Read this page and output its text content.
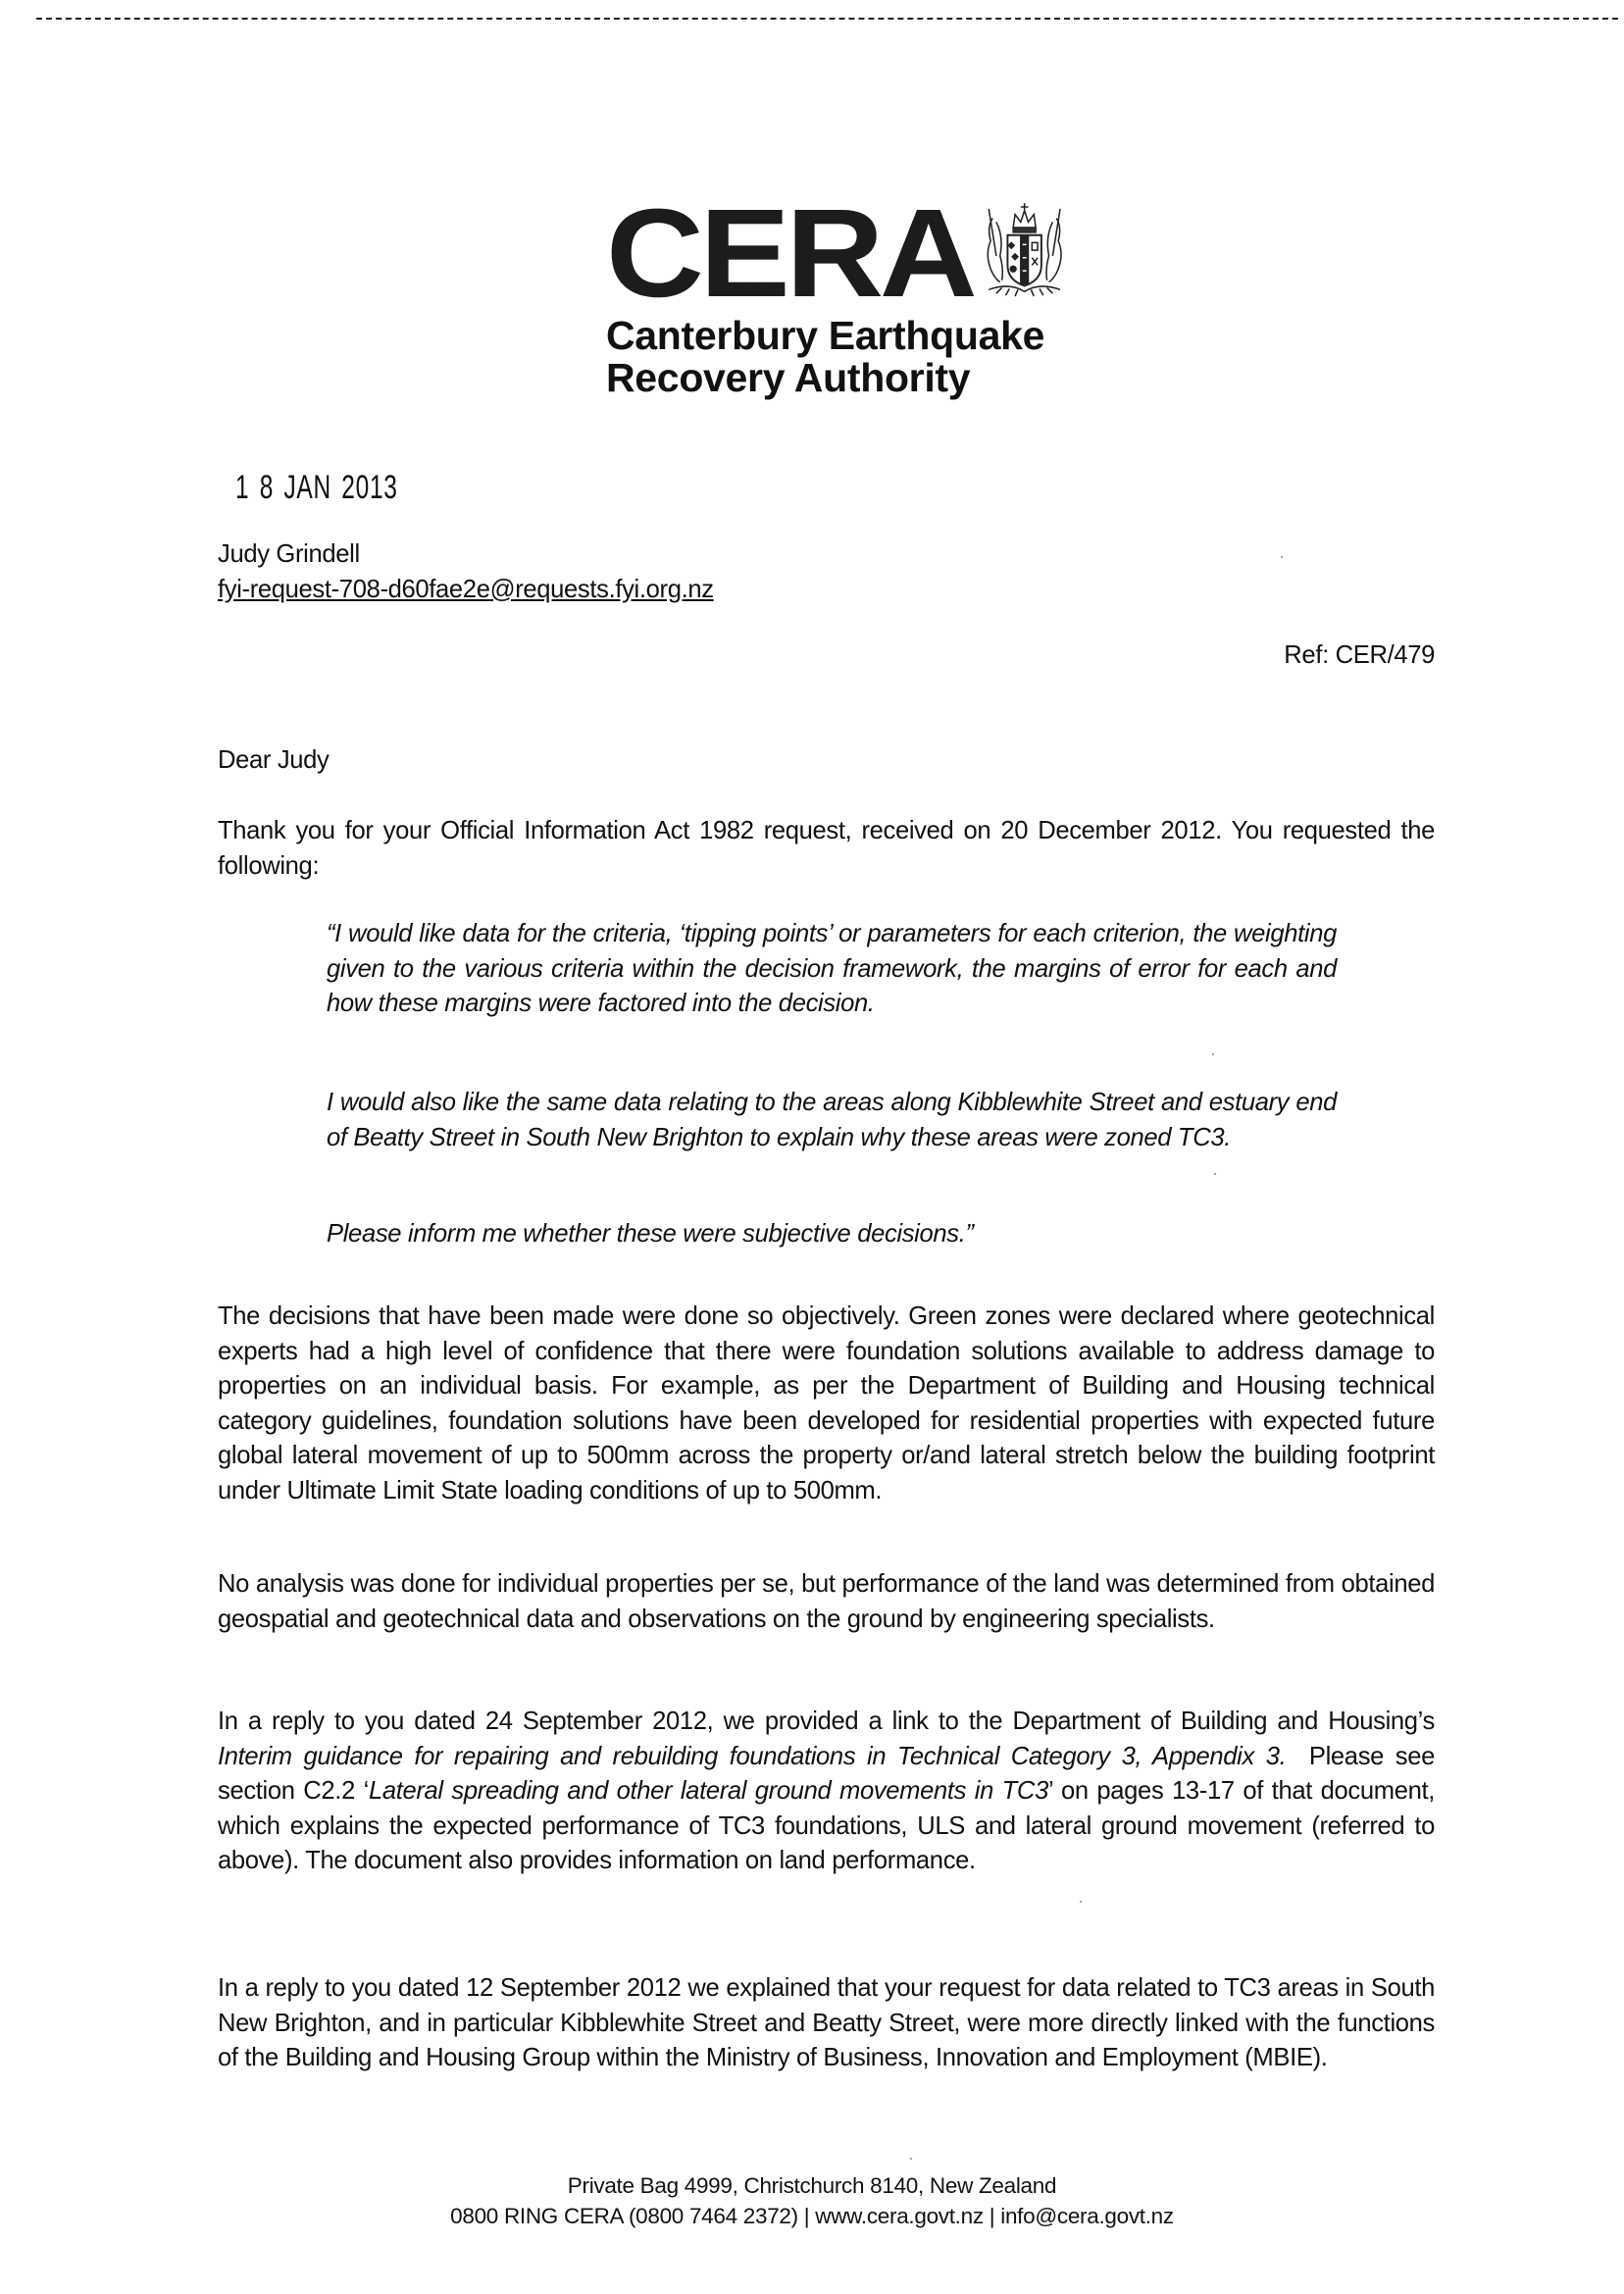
CERA
Canterbury Earthquake
Recovery Authority
1 8 JAN 2013
Judy Grindell
fyi-request-708-d60fae2e@requests.fyi.org.nz
Ref: CER/479
Dear Judy
Thank you for your Official Information Act 1982 request, received on 20 December 2012. You requested the following:
“I would like data for the criteria, ‘tipping points’ or parameters for each criterion, the weighting given to the various criteria within the decision framework, the margins of error for each and how these margins were factored into the decision.
I would also like the same data relating to the areas along Kibblewhite Street and estuary end of Beatty Street in South New Brighton to explain why these areas were zoned TC3.
Please inform me whether these were subjective decisions.”
The decisions that have been made were done so objectively. Green zones were declared where geotechnical experts had a high level of confidence that there were foundation solutions available to address damage to properties on an individual basis. For example, as per the Department of Building and Housing technical category guidelines, foundation solutions have been developed for residential properties with expected future global lateral movement of up to 500mm across the property or/and lateral stretch below the building footprint under Ultimate Limit State loading conditions of up to 500mm.
No analysis was done for individual properties per se, but performance of the land was determined from obtained geospatial and geotechnical data and observations on the ground by engineering specialists.
In a reply to you dated 24 September 2012, we provided a link to the Department of Building and Housing’s Interim guidance for repairing and rebuilding foundations in Technical Category 3, Appendix 3.  Please see section C2.2 ‘Lateral spreading and other lateral ground movements in TC3’ on pages 13-17 of that document, which explains the expected performance of TC3 foundations, ULS and lateral ground movement (referred to above). The document also provides information on land performance.
In a reply to you dated 12 September 2012 we explained that your request for data related to TC3 areas in South New Brighton, and in particular Kibblewhite Street and Beatty Street, were more directly linked with the functions of the Building and Housing Group within the Ministry of Business, Innovation and Employment (MBIE).
Private Bag 4999, Christchurch 8140, New Zealand
0800 RING CERA (0800 7464 2372) | www.cera.govt.nz | info@cera.govt.nz
